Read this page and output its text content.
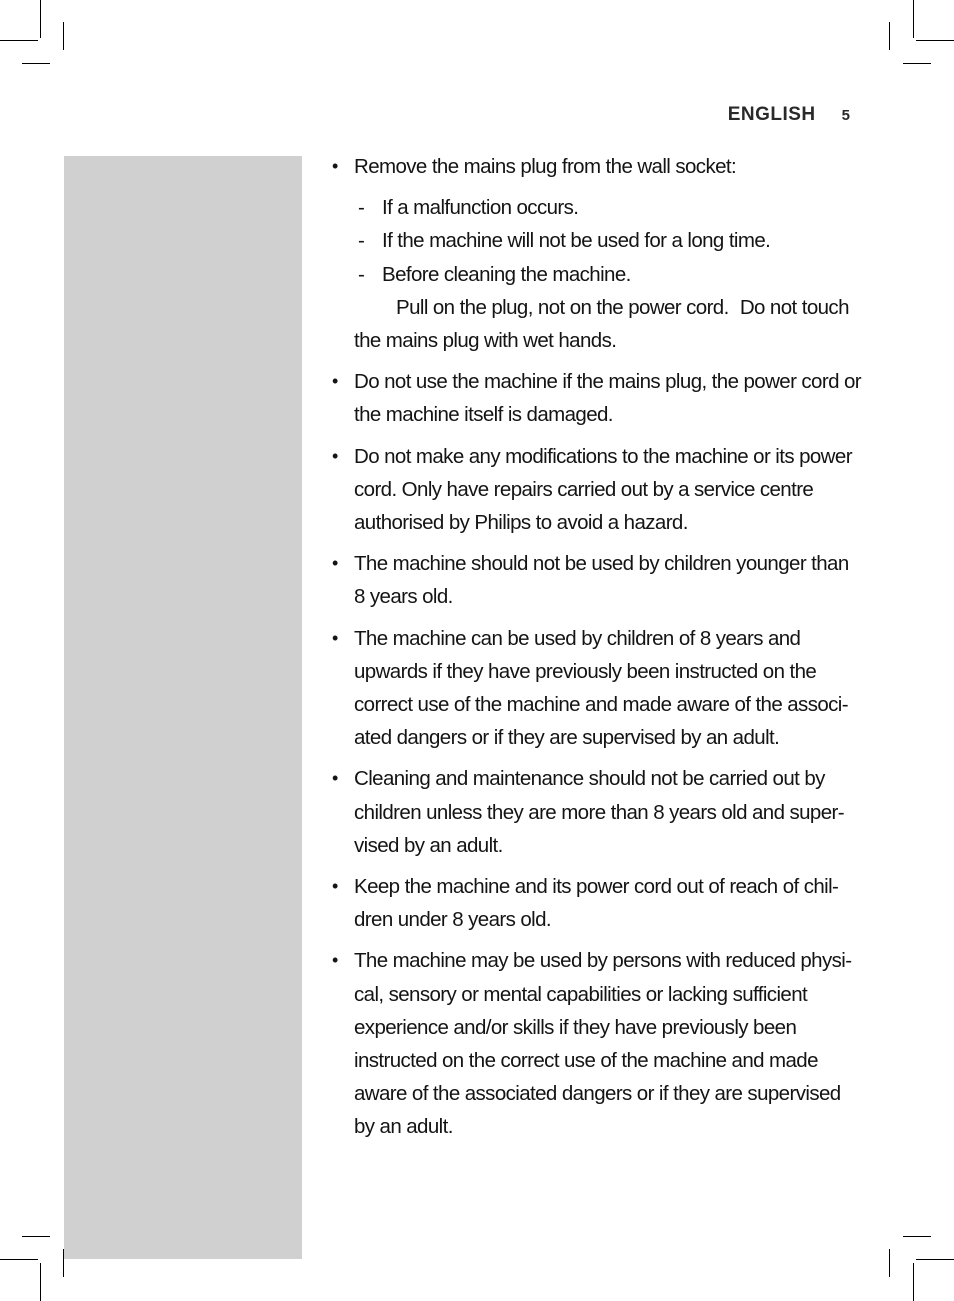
ENGLISH 5
• Remove the mains plug from the wall socket:
- If a malfunction occurs.
- If the machine will not be used for a long time.
- Before cleaning the machine.
Pull on the plug, not on the power cord. Do not touch the mains plug with wet hands.
• Do not use the machine if the mains plug, the power cord or the machine itself is damaged.
• Do not make any modifications to the machine or its power cord. Only have repairs carried out by a service centre authorised by Philips to avoid a hazard.
• The machine should not be used by children younger than 8 years old.
• The machine can be used by children of 8 years and upwards if they have previously been instructed on the correct use of the machine and made aware of the associ-ated dangers or if they are supervised by an adult.
• Cleaning and maintenance should not be carried out by children unless they are more than 8 years old and super-vised by an adult.
• Keep the machine and its power cord out of reach of chil-dren under 8 years old.
• The machine may be used by persons with reduced physi-cal, sensory or mental capabilities or lacking sufficient experience and/or skills if they have previously been instructed on the correct use of the machine and made aware of the associated dangers or if they are supervised by an adult.
